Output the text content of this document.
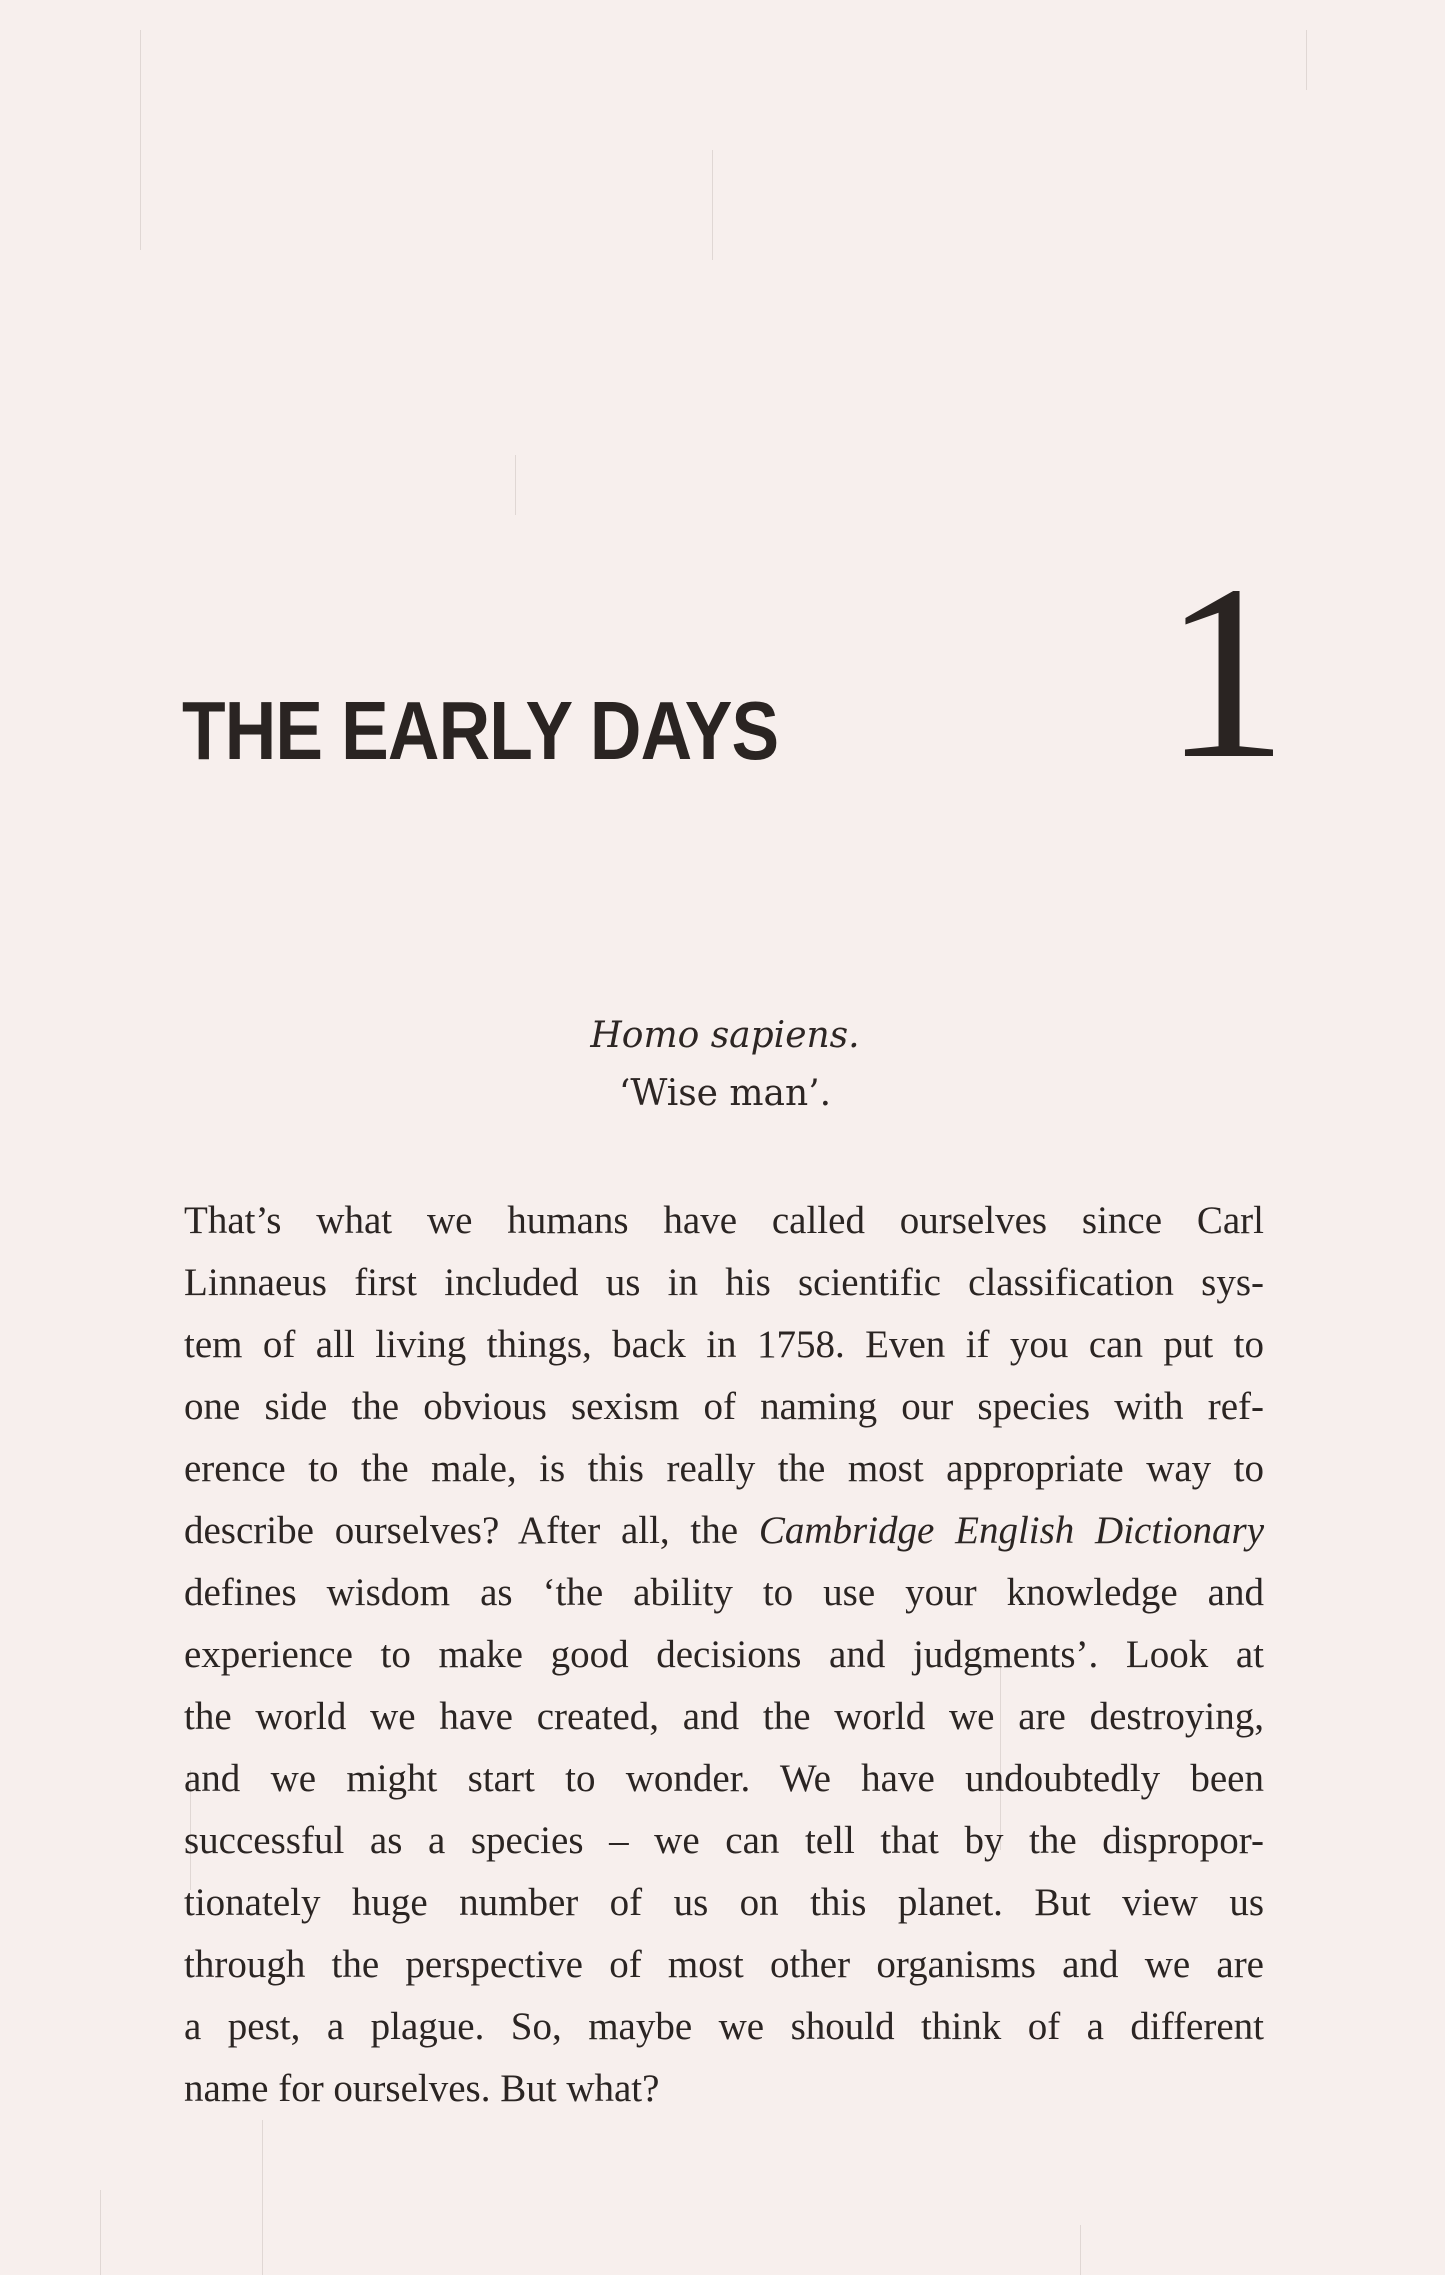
THE EARLY DAYS 1
Homo sapiens.
‘Wise man’.
That’s what we humans have called ourselves since Carl
Linnaeus first included us in his scientific classification sys-
tem of all living things, back in 1758. Even if you can put to
one side the obvious sexism of naming our species with ref-
erence to the male, is this really the most appropriate way to
describe ourselves? After all, the Cambridge English Dictionary
defines wisdom as ‘the ability to use your knowledge and
experience to make good decisions and judgments’. Look at
the world we have created, and the world we are destroying,
and we might start to wonder. We have undoubtedly been
successful as a species – we can tell that by the dispropor-
tionately huge number of us on this planet. But view us
through the perspective of most other organisms and we are
a pest, a plague. So, maybe we should think of a different
name for ourselves. But what?
